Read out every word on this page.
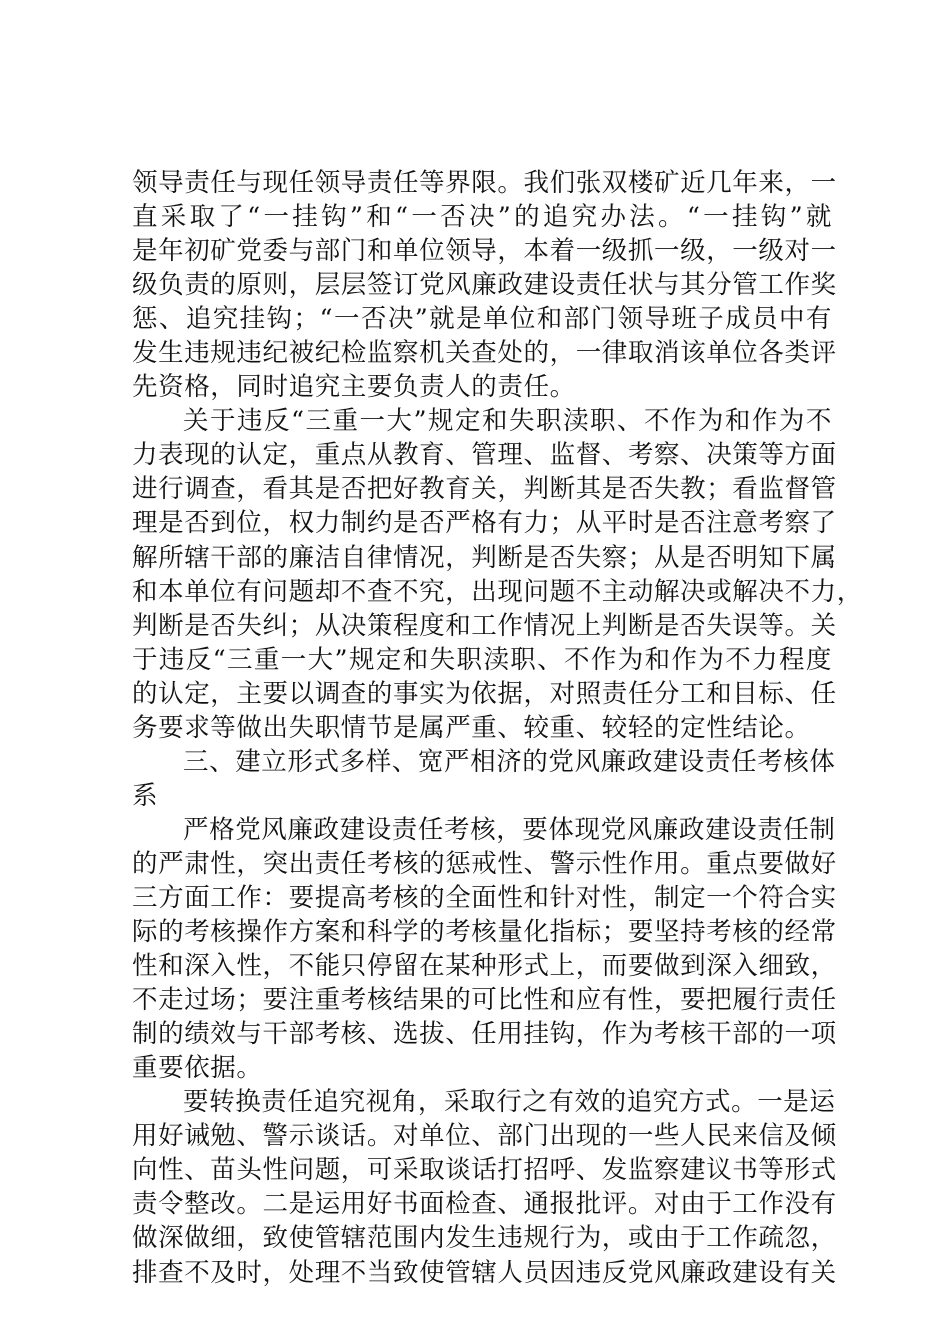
领导责任与现任领导责任等界限。我们张双楼矿近几年来，一
直采取了“一挂钩”和“一否决”的追究办法。“一挂钩”就
是年初矿党委与部门和单位领导，本着一级抓一级，一级对一
级负责的原则，层层签订党风廉政建设责任状与其分管工作奖
惩、追究挂钩；“一否决”就是单位和部门领导班子成员中有
发生违规违纪被纪检监察机关查处的，一律取消该单位各类评
先资格，同时追究主要负责人的责任。
关于违反“三重一大”规定和失职渎职、不作为和作为不
力表现的认定，重点从教育、管理、监督、考察、决策等方面
进行调查，看其是否把好教育关，判断其是否失教；看监督管
理是否到位，权力制约是否严格有力；从平时是否注意考察了
解所辖干部的廉洁自律情况，判断是否失察；从是否明知下属
和本单位有问题却不查不究，出现问题不主动解决或解决不力，
判断是否失纠；从决策程度和工作情况上判断是否失误等。关
于违反“三重一大”规定和失职渎职、不作为和作为不力程度
的认定，主要以调查的事实为依据，对照责任分工和目标、任
务要求等做出失职情节是属严重、较重、较轻的定性结论。
三、建立形式多样、宽严相济的党风廉政建设责任考核体
系
严格党风廉政建设责任考核，要体现党风廉政建设责任制
的严肃性，突出责任考核的惩戒性、警示性作用。重点要做好
三方面工作：要提高考核的全面性和针对性，制定一个符合实
际的考核操作方案和科学的考核量化指标；要坚持考核的经常
性和深入性，不能只停留在某种形式上，而要做到深入细致，
不走过场；要注重考核结果的可比性和应有性，要把履行责任
制的绩效与干部考核、选拔、任用挂钩，作为考核干部的一项
重要依据。
要转换责任追究视角，采取行之有效的追究方式。一是运
用好诫勉、警示谈话。对单位、部门出现的一些人民来信及倾
向性、苗头性问题，可采取谈话打招呼、发监察建议书等形式
责令整改。二是运用好书面检查、通报批评。对由于工作没有
做深做细，致使管辖范围内发生违规行为，或由于工作疏忽，
排查不及时，处理不当致使管辖人员因违反党风廉政建设有关
